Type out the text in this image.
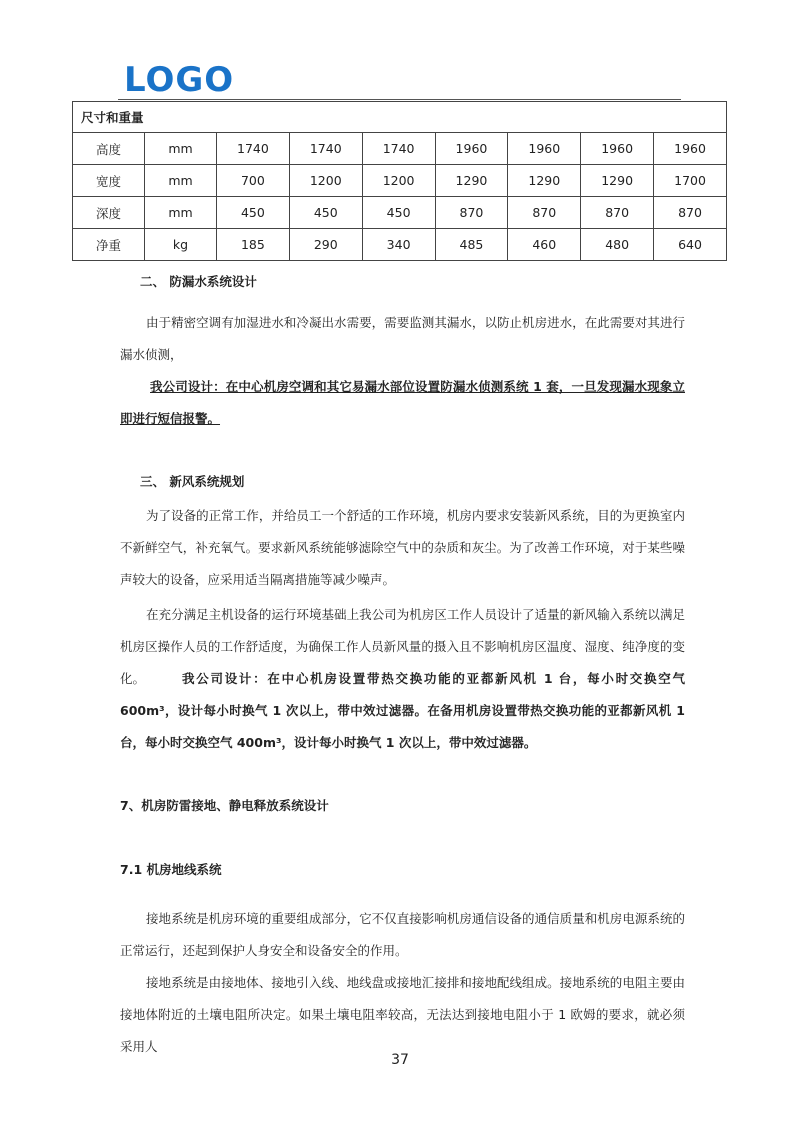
LOGO
尺寸和重量								
高度	mm	1740	1740	1740	1960	1960	1960	1960
宽度	mm	700	1200	1200	1290	1290	1290	1700
深度	mm	450	450	450	870	870	870	870
净重	kg	185	290	340	485	460	480	640
二、 防漏水系统设计
由于精密空调有加湿进水和冷凝出水需要，需要监测其漏水，以防止机房进水，在此需要对其进行漏水侦测，
我公司设计：在中心机房空调和其它易漏水部位设置防漏水侦测系统 1 套，一旦发现漏水现象立即进行短信报警。
三、 新风系统规划
为了设备的正常工作，并给员工一个舒适的工作环境，机房内要求安装新风系统，目的为更换室内不新鲜空气，补充氧气。要求新风系统能够滤除空气中的杂质和灰尘。为了改善工作环境，对于某些噪声较大的设备，应采用适当隔离措施等减少噪声。
在充分满足主机设备的运行环境基础上我公司为机房区工作人员设计了适量的新风输入系统以满足机房区操作人员的工作舒适度，为确保工作人员新风量的摄入且不影响机房区温度、湿度、纯净度的变化。	我公司设计：在中心机房设置带热交换功能的亚都新风机 1 台，每小时交换空气 600m³，设计每小时换气 1 次以上，带中效过滤器。在备用机房设置带热交换功能的亚都新风机 1 台，每小时交换空气 400m³，设计每小时换气 1 次以上，带中效过滤器。
7、机房防雷接地、静电释放系统设计
7.1 机房地线系统
接地系统是机房环境的重要组成部分，它不仅直接影响机房通信设备的通信质量和机房电源系统的正常运行，还起到保护人身安全和设备安全的作用。
接地系统是由接地体、接地引入线、地线盘或接地汇接排和接地配线组成。接地系统的电阻主要由接地体附近的土壤电阻所决定。如果土壤电阻率较高，无法达到接地电阻小于 1 欧姆的要求，就必须采用人
37
